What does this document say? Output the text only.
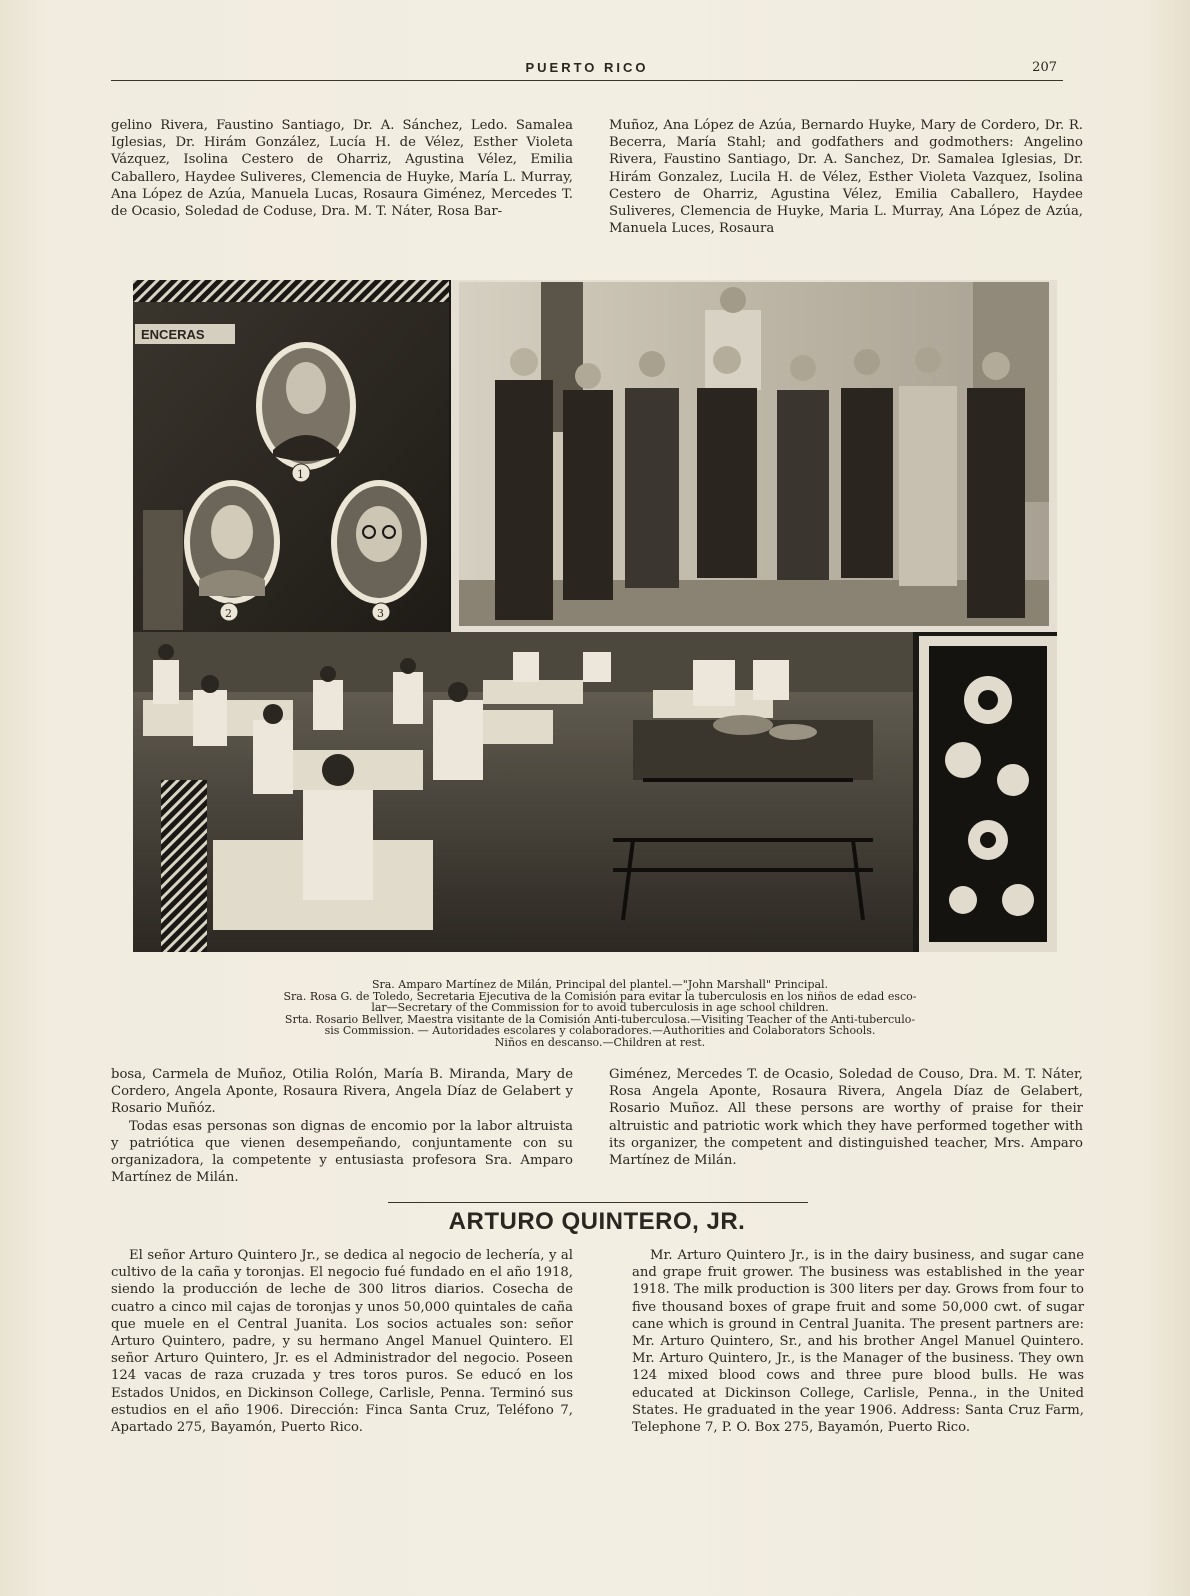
PUERTO RICO	207

gelino Rivera, Faustino Santiago, Dr. A. Sánchez, Ledo. Samalea Iglesias, Dr. Hirám González, Lucía H. de Vélez, Esther Violeta Vázquez, Isolina Cestero de Oharriz, Agustina Vélez, Emilia Caballero, Haydee Suliveres, Clemencia de Huyke, María L. Murray, Ana López de Azúa, Manuela Lucas, Rosaura Giménez, Mercedes T. de Ocasio, Soledad de Coduse, Dra. M. T. Náter, Rosa Bar-

Muñoz, Ana López de Azúa, Bernardo Huyke, Mary de Cordero, Dr. R. Becerra, María Stahl; and godfathers and godmothers: Angelino Rivera, Faustino Santiago, Dr. A. Sanchez, Dr. Samalea Iglesias, Dr. Hirám Gonzalez, Lucila H. de Vélez, Esther Violeta Vazquez, Isolina Cestero de Oharriz, Agustina Vélez, Emilia Caballero, Haydee Suliveres, Clemencia de Huyke, Maria L. Murray, Ana López de Azúa, Manuela Luces, Rosaura

ENCERAS
1
2	3
Sra. Amparo Martínez de Milán, Principal del plantel.—"John Marshall" Principal.
Sra. Rosa G. de Toledo, Secretaria Ejecutiva de la Comisión para evitar la tuberculosis en los niños de edad esco-
lar—Secretary of the Commission for to avoid tuberculosis in age school children.
Srta. Rosario Bellver, Maestra visitante de la Comisión Anti-tuberculosa.—Visiting Teacher of the Anti-tuberculo-
sis Commission. — Autoridades escolares y colaboradores.—Authorities and Colaborators Schools.
Niños en descanso.—Children at rest.

bosa, Carmela de Muñoz, Otilia Rolón, María B. Miranda, Mary de Cordero, Angela Aponte, Rosaura Rivera, Angela Díaz de Gelabert y Rosario Muñóz.

Todas esas personas son dignas de encomio por la labor altruista y patriótica que vienen desempeñando, conjuntamente con su organizadora, la competente y entusiasta profesora Sra. Amparo Martínez de Milán.

Giménez, Mercedes T. de Ocasio, Soledad de Couso, Dra. M. T. Náter, Rosa Angela Aponte, Rosaura Rivera, Angela Díaz de Gelabert, Rosario Muñoz. All these persons are worthy of praise for their altruistic and patriotic work which they have performed together with its organizer, the competent and distinguished teacher, Mrs. Amparo Martínez de Milán.

ARTURO QUINTERO, JR.

El señor Arturo Quintero Jr., se dedica al negocio de lechería, y al cultivo de la caña y toronjas. El negocio fué fundado en el año 1918, siendo la producción de leche de 300 litros diarios. Cosecha de cuatro a cinco mil cajas de toronjas y unos 50,000 quintales de caña que muele en el Central Juanita. Los socios actuales son: señor Arturo Quintero, padre, y su hermano Angel Manuel Quintero. El señor Arturo Quintero, Jr. es el Administrador del negocio. Poseen 124 vacas de raza cruzada y tres toros puros. Se educó en los Estados Unidos, en Dickinson College, Carlisle, Penna. Terminó sus estudios en el año 1906. Dirección: Finca Santa Cruz, Teléfono 7, Apartado 275, Bayamón, Puerto Rico.

Mr. Arturo Quintero Jr., is in the dairy business, and sugar cane and grape fruit grower. The business was established in the year 1918. The milk production is 300 liters per day. Grows from four to five thousand boxes of grape fruit and some 50,000 cwt. of sugar cane which is ground in Central Juanita. The present partners are: Mr. Arturo Quintero, Sr., and his brother Angel Manuel Quintero. Mr. Arturo Quintero, Jr., is the Manager of the business. They own 124 mixed blood cows and three pure blood bulls. He was educated at Dickinson College, Carlisle, Penna., in the United States. He graduated in the year 1906. Address: Santa Cruz Farm, Telephone 7, P. O. Box 275, Bayamón, Puerto Rico.
